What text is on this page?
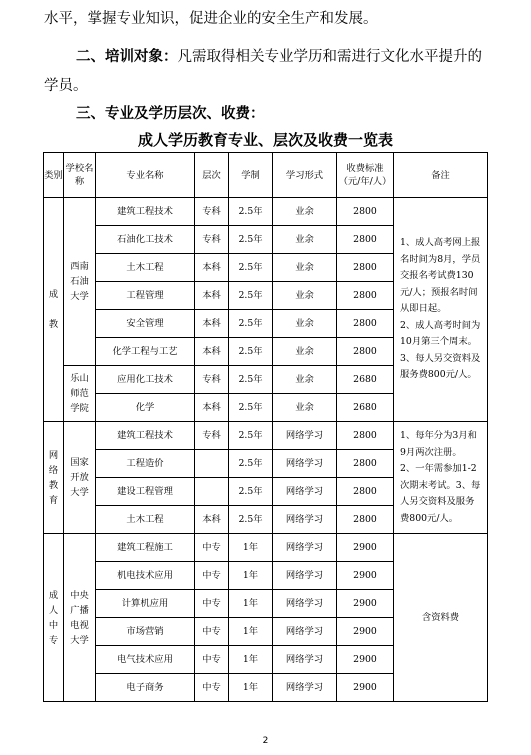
水平，掌握专业知识，促进企业的安全生产和发展。
二、培训对象：凡需取得相关专业学历和需进行文化水平提升的
学员。
三、专业及学历层次、收费：
成人学历教育专业、层次及收费一览表
类别	学校名称	专业名称	层次	学制	学习形式	收费标准（元/年/人）	备注
成

教	西南
石油
大学	建筑工程技术	专科	2.5年	业余	2800	1、成人高考网上报名时间为8月，学员交报名考试费130元/人；预报名时间从即日起。
2、成人高考时间为10月第三个周末。
3、每人另交资料及服务费800元/人。
		石油化工技术	专科	2.5年	业余	2800	
		土木工程	本科	2.5年	业余	2800	
		工程管理	本科	2.5年	业余	2800	
		安全管理	本科	2.5年	业余	2800	
		化学工程与工艺	本科	2.5年	业余	2800	
	乐山
师范
学院	应用化工技术	专科	2.5年	业余	2680	
		化学	本科	2.5年	业余	2680	
网
络
教
育	国家
开放
大学	建筑工程技术	专科	2.5年	网络学习	2800	1、每年分为3月和9月两次注册。
2、一年需参加1-2次期末考试。3、每人另交资料及服务费800元/人。
		工程造价		2.5年	网络学习	2800	
		建设工程管理		2.5年	网络学习	2800	
		土木工程	本科	2.5年	网络学习	2800	
成
人
中
专	中央
广播
电视
大学	建筑工程施工	中专	1年	网络学习	2900	含资料费
		机电技术应用	中专	1年	网络学习	2900	
		计算机应用	中专	1年	网络学习	2900	
		市场营销	中专	1年	网络学习	2900	
		电气技术应用	中专	1年	网络学习	2900	
		电子商务	中专	1年	网络学习	2900	
2
